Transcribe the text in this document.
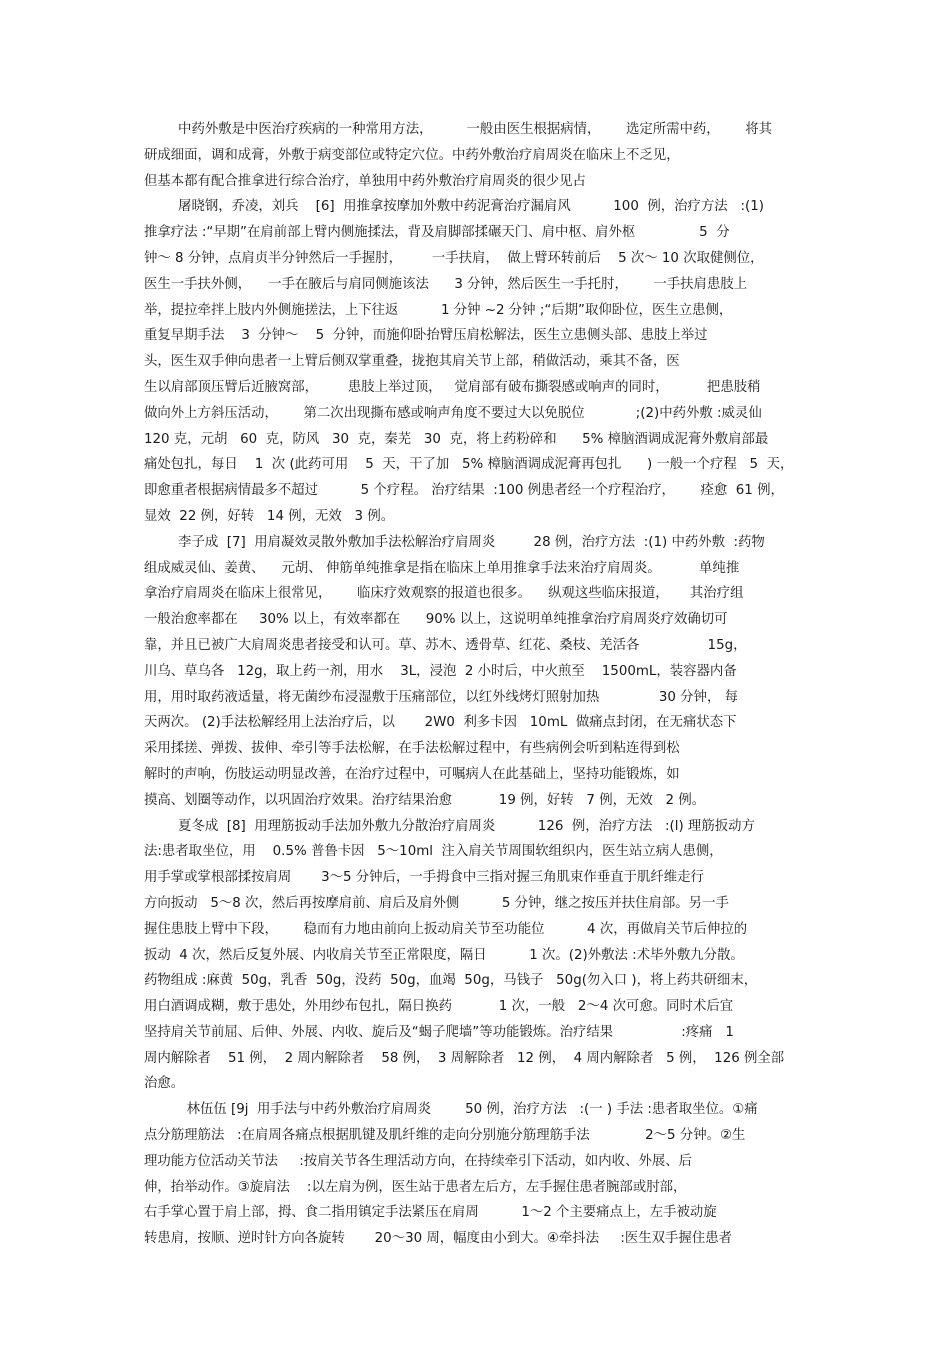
中药外敷是中医治疗疾病的一种常用方法，        一般由医生根据病情，      选定所需中药，      将其
研成细面，调和成膏，外敷于病变部位或特定穴位。中药外敷治疗肩周炎在临床上不乏见，
但基本都有配合推拿进行综合治疗，单独用中药外敷治疗肩周炎的很少见占
屠晓钢，乔凌，刘兵    [6]  用推拿按摩加外敷中药泥膏治疗漏肩风          100  例，治疗方法   :(1)
推拿疗法 :“早期”在肩前部上臂内侧施揉法，背及肩脚部揉碾天门、肩中枢、肩外枢               5  分
钟～ 8 分钟，点肩贞半分钟然后一手握肘，       一手扶肩，  做上臂环转前后    5 次～ 10 次取健侧位，
医生一手扶外侧，    一手在腋后与肩同侧施该法      3 分钟，然后医生一手托肘，      一手扶肩患肢上
举，提拉牵拌上肢内外侧施搓法，上下往返          1 分钟 ~2 分钟 ;“后期”取仰卧位，医生立患侧，
重复早期手法    3  分钟～    5  分钟，而施仰卧抬臂压肩松解法，医生立患侧头部、患肢上举过
头，医生双手伸向患者一上臂后侧双掌重叠，拢抱其肩关节上部，稍做活动，乘其不备，医
生以肩部顶压臂后近腋窝部，       患肢上举过顶，   觉肩部有破布撕裂感或响声的同时，         把患肢稍
做向外上方斜压活动，      第二次出现撕布感或响声角度不要过大以免脱位            ;(2)中药外敷 :威灵仙
120 克，元胡   60  克，防风   30  克，秦芜   30  克，将上药粉碎和      5% 樟脑酒调成泥膏外敷肩部最
痛处包扎，每日    1  次 (此药可用    5  天，干了加   5% 樟脑酒调成泥膏再包扎      ) 一般一个疗程   5  天，
即愈重者根据病情最多不超过          5 个疗程。 治疗结果  :100 例患者经一个疗程治疗，      痊愈  61 例，
显效  22 例，好转   14 例，无效   3 例。
李子成  [7]  用肩凝效灵散外敷加手法松解治疗肩周炎         28 例，治疗方法  :(1) 中药外敷  :药物
组成威灵仙、姜黄、    元胡、 伸筋单纯推拿是指在临床上单用推拿手法来治疗肩周炎。         单纯推
拿治疗肩周炎在临床上很常见，      临床疗效观察的报道也很多。    纵观这些临床报道，     其治疗组
一般治愈率都在     30% 以上，有效率都在      90% 以上，这说明单纯推拿治疗肩周炎疗效确切可
靠，并且已被广大肩周炎患者接受和认可。草、苏木、透骨草、红花、桑枝、羌活各                15g，
川乌、草乌各   12g，取上药一剂，用水    3L，浸泡  2 小时后，中火煎至    1500mL，装容器内备
用，用时取药液适量，将无菌纱布浸湿敷于压痛部位，以红外线烤灯照射加热              30 分钟， 每
天两次。 (2)手法松解经用上法治疗后，以       2W0  利多卡因   10mL  做痛点封闭，在无痛状态下
采用揉搓、弹拨、拔伸、牵引等手法松解，在手法松解过程中，有些病例会听到粘连得到松
解时的声响，伤肢运动明显改善，在治疗过程中，可嘱病人在此基础上，坚持功能锻炼，如
摸高、划圈等动作，以巩固治疗效果。治疗结果治愈           19 例，好转   7 例，无效   2 例。
夏冬成  [8]  用理筋扳动手法加外敷九分散治疗肩周炎          126  例，治疗方法   :(l) 理筋扳动方
法:患者取坐位，用    0.5% 普鲁卡因   5～10ml  注入肩关节周围软组织内，医生站立病人患侧，
用手掌或掌根部揉按肩周       3～5 分钟后，一手拇食中三指对握三角肌束作垂直于肌纤维走行
方向扳动   5～8 次，然后再按摩肩前、肩后及肩外侧          5 分钟，继之按压并扶住肩部。另一手
握住患肢上臂中下段，      稳而有力地由前向上扳动肩关节至功能位          4 次，再做肩关节后伸拉的
扳动  4 次，然后反复外展、内收肩关节至正常限度，隔日          1 次。(2)外敷法 :术毕外敷九分散。
药物组成 :麻黄  50g，乳香  50g，没药  50g，血竭  50g，马钱子   50g(勿入口 )，将上药共研细末，
用白酒调成糊，敷于患处，外用纱布包扎，隔日换药           1 次，一般   2～4 次可愈。同时术后宜
坚持肩关节前屈、后伸、外展、内收、旋后及“蝎子爬墙”等功能锻炼。治疗结果                :疼痛   1
周内解除者    51 例，  2 周内解除者    58 例，  3 周解除者   12 例，  4 周内解除者   5 例，  126 例全部
治愈。
林伍伍 [9j  用手法与中药外敷治疗肩周炎        50 例，治疗方法   :(一 ) 手法 :患者取坐位。①痛
点分筋理筋法   :在肩周各痛点根据肌键及肌纤维的走向分别施分筋理筋手法             2～5 分钟。②生
理功能方位活动关节法     :按肩关节各生理活动方向，在持续牵引下活动，如内收、外展、后
伸，抬举动作。③旋肩法    :以左肩为例，医生站于患者左后方，左手握住患者腕部或肘部，
右手掌心置于肩上部，拇、食二指用镇定手法紧压在肩周          1～2 个主要痛点上，左手被动旋
转患肩，按顺、逆时针方向各旋转       20～30 周，幅度由小到大。④牵抖法     :医生双手握住患者
